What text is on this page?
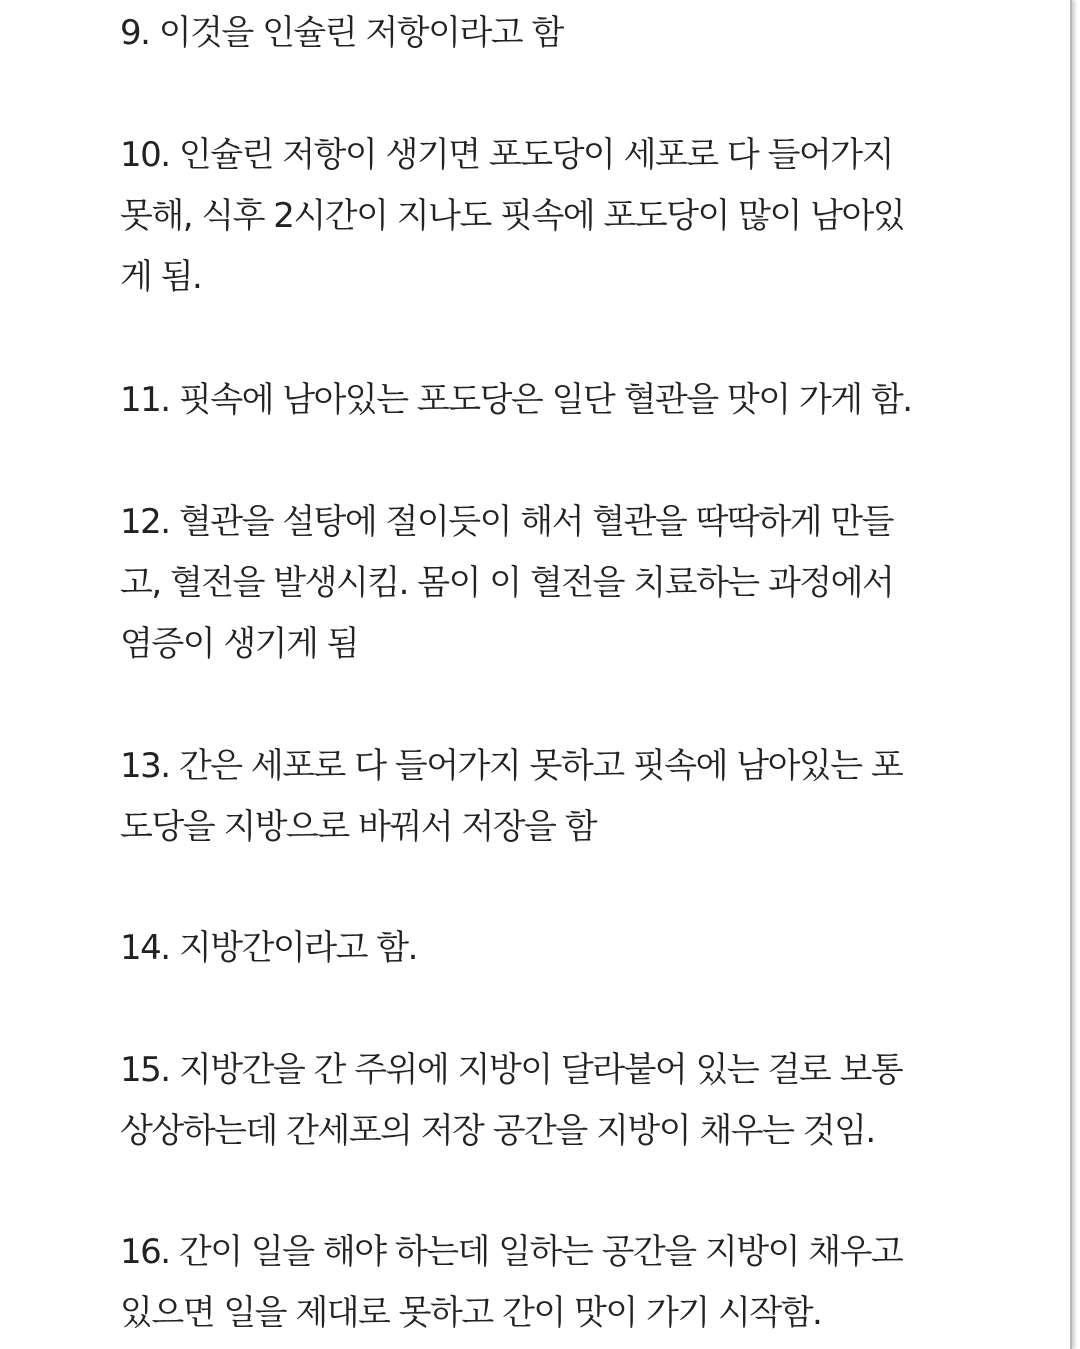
9. 이것을 인슐린 저항이라고 함

10. 인슐린 저항이 생기면 포도당이 세포로 다 들어가지
못해, 식후 2시간이 지나도 핏속에 포도당이 많이 남아있
게 됨.

11. 핏속에 남아있는 포도당은 일단 혈관을 맛이 가게 함.

12. 혈관을 설탕에 절이듯이 해서 혈관을 딱딱하게 만들
고, 혈전을 발생시킴. 몸이 이 혈전을 치료하는 과정에서
염증이 생기게 됨

13. 간은 세포로 다 들어가지 못하고 핏속에 남아있는 포
도당을 지방으로 바꿔서 저장을 함

14. 지방간이라고 함.

15. 지방간을 간 주위에 지방이 달라붙어 있는 걸로 보통
상상하는데 간세포의 저장 공간을 지방이 채우는 것임.

16. 간이 일을 해야 하는데 일하는 공간을 지방이 채우고
있으면 일을 제대로 못하고 간이 맛이 가기 시작함.
